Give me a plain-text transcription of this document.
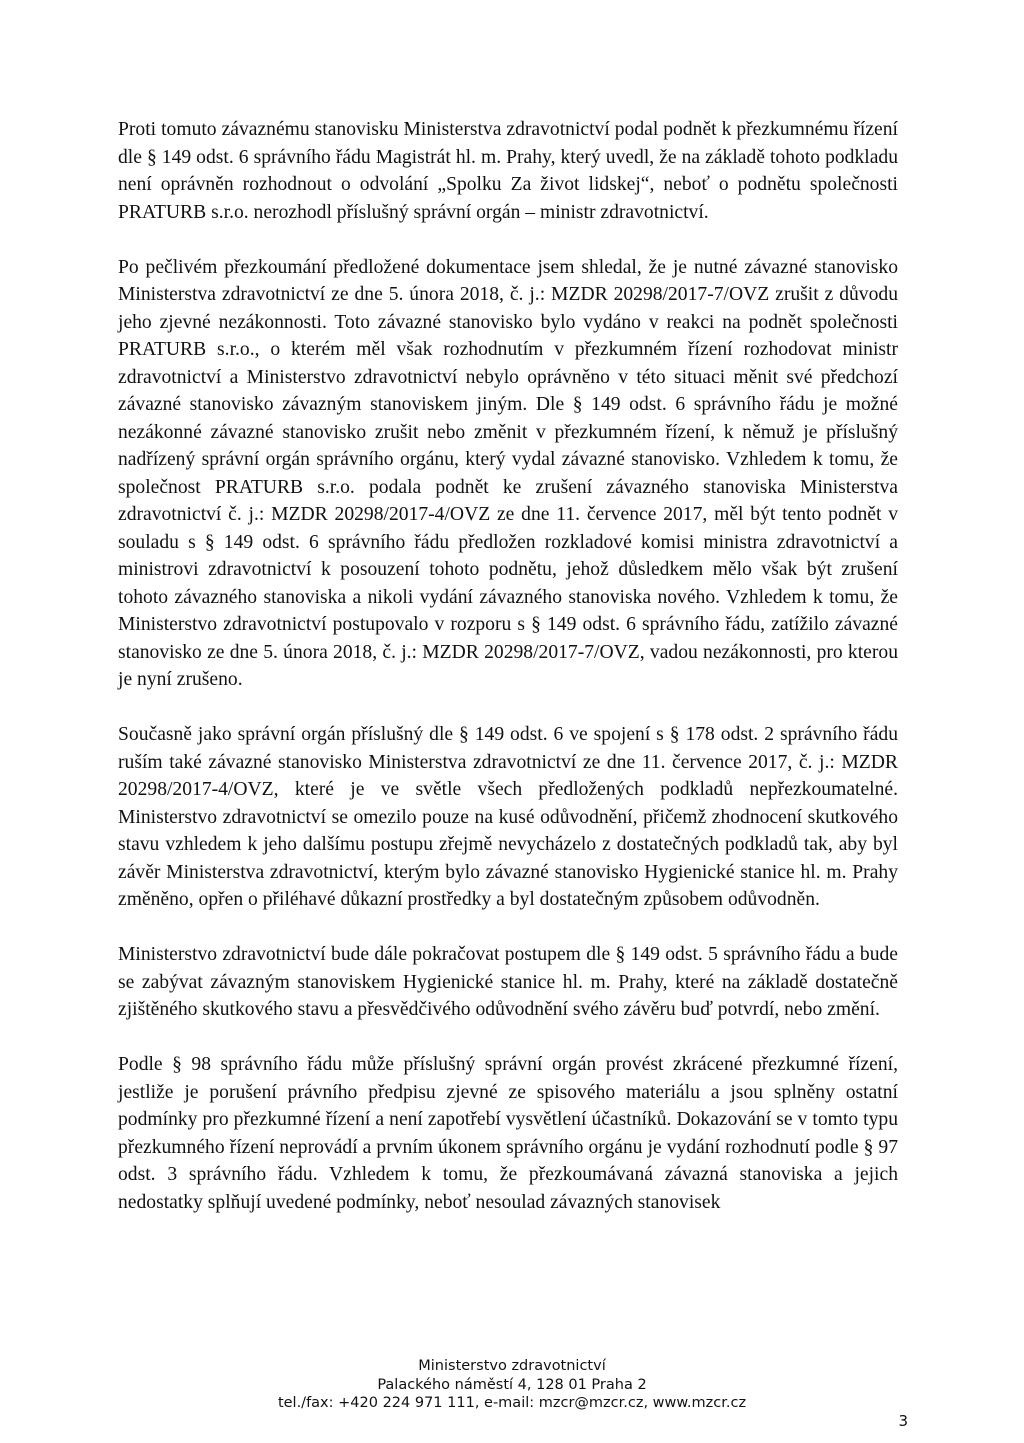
Proti tomuto závaznému stanovisku Ministerstva zdravotnictví podal podnět k přezkumnému řízení dle § 149 odst. 6 správního řádu Magistrát hl. m. Prahy, který uvedl, že na základě tohoto podkladu není oprávněn rozhodnout o odvolání „Spolku Za život lidskej“, neboť o podnětu společnosti PRATURB s.r.o. nerozhodl příslušný správní orgán – ministr zdravotnictví.

Po pečlivém přezkoumání předložené dokumentace jsem shledal, že je nutné závazné stanovisko Ministerstva zdravotnictví ze dne 5. února 2018, č. j.: MZDR 20298/2017-7/OVZ zrušit z důvodu jeho zjevné nezákonnosti. Toto závazné stanovisko bylo vydáno v reakci na podnět společnosti PRATURB s.r.o., o kterém měl však rozhodnutím v přezkumném řízení rozhodovat ministr zdravotnictví a Ministerstvo zdravotnictví nebylo oprávněno v této situaci měnit své předchozí závazné stanovisko závazným stanoviskem jiným. Dle § 149 odst. 6 správního řádu je možné nezákonné závazné stanovisko zrušit nebo změnit v přezkumném řízení, k němuž je příslušný nadřízený správní orgán správního orgánu, který vydal závazné stanovisko. Vzhledem k tomu, že společnost PRATURB s.r.o. podala podnět ke zrušení závazného stanoviska Ministerstva zdravotnictví č. j.: MZDR 20298/2017-4/OVZ ze dne 11. července 2017, měl být tento podnět v souladu s § 149 odst. 6 správního řádu předložen rozkladové komisi ministra zdravotnictví a ministrovi zdravotnictví k posouzení tohoto podnětu, jehož důsledkem mělo však být zrušení tohoto závazného stanoviska a nikoli vydání závazného stanoviska nového. Vzhledem k tomu, že Ministerstvo zdravotnictví postupovalo v rozporu s § 149 odst. 6 správního řádu, zatížilo závazné stanovisko ze dne 5. února 2018, č. j.: MZDR 20298/2017-7/OVZ, vadou nezákonnosti, pro kterou je nyní zrušeno.

Současně jako správní orgán příslušný dle § 149 odst. 6 ve spojení s § 178 odst. 2 správního řádu ruším také závazné stanovisko Ministerstva zdravotnictví ze dne 11. července 2017, č. j.: MZDR 20298/2017-4/OVZ, které je ve světle všech předložených podkladů nepřezkoumatelné. Ministerstvo zdravotnictví se omezilo pouze na kusé odůvodnění, přičemž zhodnocení skutkového stavu vzhledem k jeho dalšímu postupu zřejmě nevycházelo z dostatečných podkladů tak, aby byl závěr Ministerstva zdravotnictví, kterým bylo závazné stanovisko Hygienické stanice hl. m. Prahy změněno, opřen o přiléhavé důkazní prostředky a byl dostatečným způsobem odůvodněn.

Ministerstvo zdravotnictví bude dále pokračovat postupem dle § 149 odst. 5 správního řádu a bude se zabývat závazným stanoviskem Hygienické stanice hl. m. Prahy, které na základě dostatečně zjištěného skutkového stavu a přesvědčivého odůvodnění svého závěru buď potvrdí, nebo změní.

Podle § 98 správního řádu může příslušný správní orgán provést zkrácené přezkumné řízení, jestliže je porušení právního předpisu zjevné ze spisového materiálu a jsou splněny ostatní podmínky pro přezkumné řízení a není zapotřebí vysvětlení účastníků. Dokazování se v tomto typu přezkumného řízení neprovádí a prvním úkonem správního orgánu je vydání rozhodnutí podle § 97 odst. 3 správního řádu. Vzhledem k tomu, že přezkoumávaná závazná stanoviska a jejich nedostatky splňují uvedené podmínky, neboť nesoulad závazných stanovisek

Ministerstvo zdravotnictví
Palackého náměstí 4, 128 01 Praha 2
tel./fax: +420 224 971 111, e-mail: mzcr@mzcr.cz, www.mzcr.cz
3
